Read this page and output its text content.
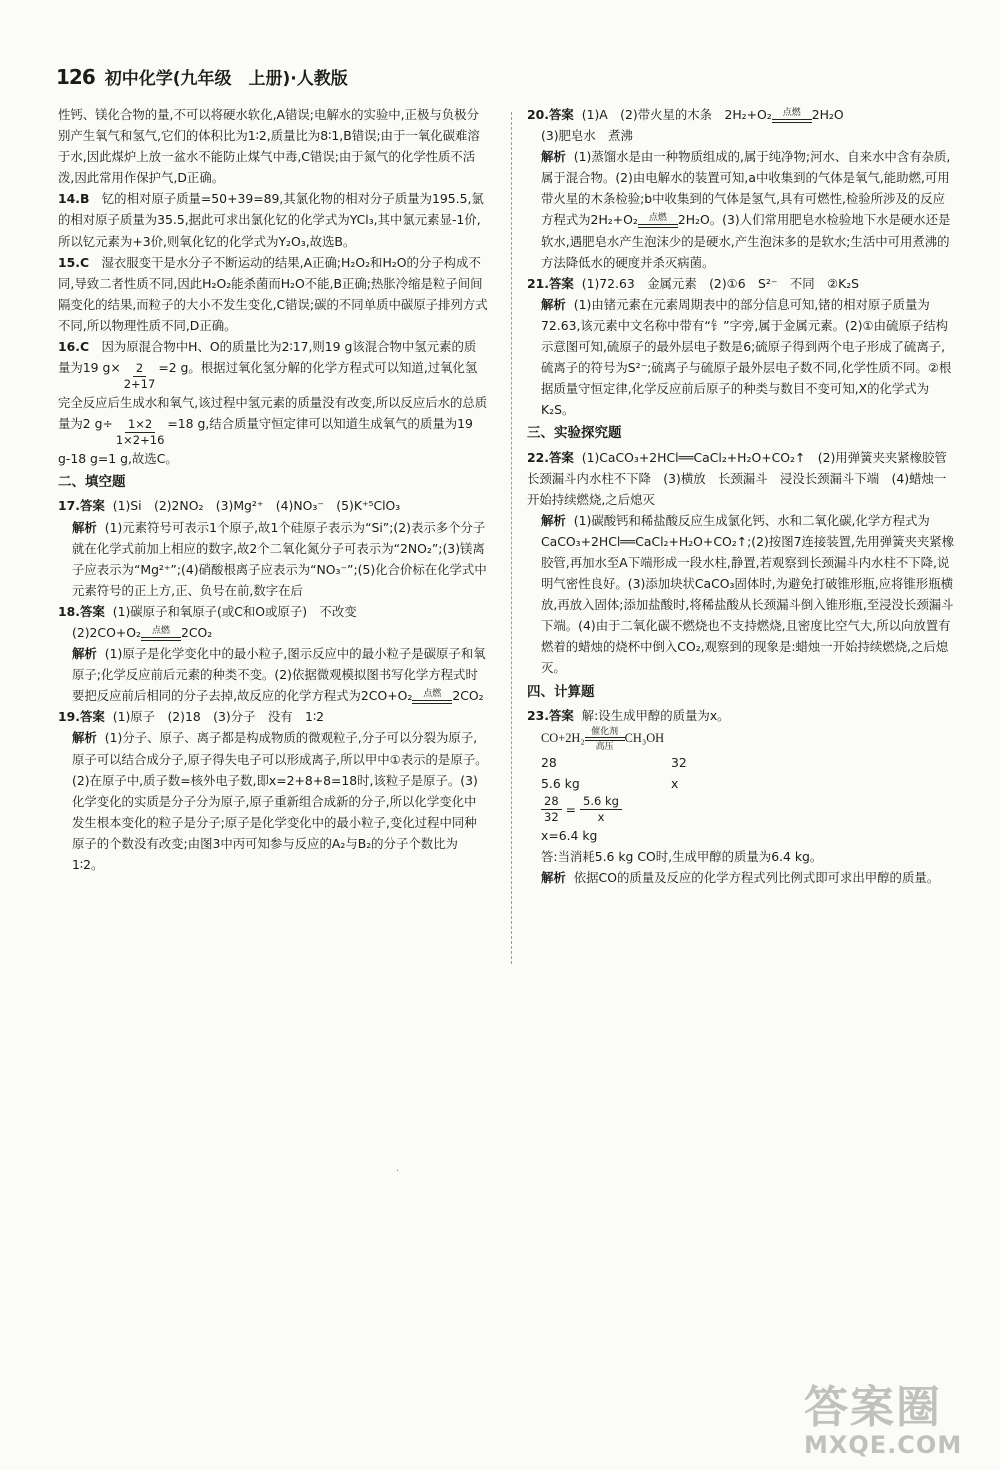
126 初中化学(九年级　上册)·人教版

性钙、镁化合物的量,不可以将硬水软化,A错误;电解水的实验中,正极与负极分别产生氧气和氢气,它们的体积比为1∶2,质量比为8∶1,B错误;由于一氧化碳难溶于水,因此煤炉上放一盆水不能防止煤气中毒,C错误;由于氮气的化学性质不活泼,因此常用作保护气,D正确。

14.B　 钇的相对原子质量=50+39=89,其氯化物的相对分子质量为195.5,氯的相对原子质量为35.5,据此可求出氯化钇的化学式为YCl₃,其中氯元素显-1价,所以钇元素为+3价,则氧化钇的化学式为Y₂O₃,故选B。

15.C　 湿衣服变干是水分子不断运动的结果,A正确;H₂O₂和H₂O的分子构成不同,导致二者性质不同,因此H₂O₂能杀菌而H₂O不能,B正确;热胀冷缩是粒子间间隔变化的结果,而粒子的大小不发生变化,C错误;碳的不同单质中碳原子排列方式不同,所以物理性质不同,D正确。

16.C　 因为原混合物中H、O的质量比为2∶17,则19 g该混合物中氢元素的质量为19 $g\times \frac{2}{2+17} =2$ g。根据过氧化氢分解的化学方程式可以知道,过氧化氢完全反应后生成水和氧气,该过程中氢元素的质量没有改变,所以反应后水的总质量为2 $g\div \frac{1\times 2}{1\times 2+16} =18$ g,结合质量守恒定律可以知道生成氧气的质量为19 g-18 g=1 g,故选C。

二、填空题

17.答案 (1)Si　(2)2NO₂　(3)Mg²⁺　(4)NO₃⁻　(5)K⁺⁵ClO₃

解析 (1)元素符号可表示1个原子,故1个硅原子表示为“Si”;(2)表示多个分子就在化学式前加上相应的数字,故2个二氧化氮分子可表示为“2NO₂”;(3)镁离子应表示为“Mg²⁺”;(4)硝酸根离子应表示为“NO₃⁻”;(5)化合价标在化学式中元素符号的正上方,正、负号在前,数字在后

18.答案 (1)碳原子和氧原子(或C和O或原子)　不改变

(2)2CO+O₂ 点燃 2CO₂

解析 (1)原子是化学变化中的最小粒子,图示反应中的最小粒子是碳原子和氧原子;化学反应前后元素的种类不变。(2)依据微观模拟图书写化学方程式时要把反应前后相同的分子去掉,故反应的化学方程式为2CO+O₂ 点燃 2CO₂

19.答案 (1)原子　(2)18　(3)分子　没有　1∶2

解析 (1)分子、原子、离子都是构成物质的微观粒子,分子可以分裂为原子,原子可以结合成分子,原子得失电子可以形成离子,所以甲中①表示的是原子。(2)在原子中,质子数=核外电子数,即x=2+8+8=18时,该粒子是原子。(3)化学变化的实质是分子分为原子,原子重新组合成新的分子,所以化学变化中发生根本变化的粒子是分子;原子是化学变化中的最小粒子,变化过程中同种原子的个数没有改变;由图3中丙可知参与反应的A₂与B₂的分子个数比为1∶2。

20.答案 (1)A　(2)带火星的木条　2H₂+O₂ 点燃 2H₂O

(3)肥皂水　煮沸

解析 (1)蒸馏水是由一种物质组成的,属于纯净物;河水、自来水中含有杂质,属于混合物。(2)由电解水的装置可知,a中收集到的气体是氧气,能助燃,可用带火星的木条检验;b中收集到的气体是氢气,具有可燃性,检验所涉及的反应方程式为2H₂+O₂ 点燃 2H₂O。(3)人们常用肥皂水检验地下水是硬水还是软水,遇肥皂水产生泡沫少的是硬水,产生泡沫多的是软水;生活中可用煮沸的方法降低水的硬度并杀灭病菌。

21.答案 (1)72.63　金属元素　(2)①6　S²⁻　不同　②K₂S

解析 (1)由锗元素在元素周期表中的部分信息可知,锗的相对原子质量为72.63,该元素中文名称中带有“钅”字旁,属于金属元素。(2)①由硫原子结构示意图可知,硫原子的最外层电子数是6;硫原子得到两个电子形成了硫离子,硫离子的符号为S²⁻;硫离子与硫原子最外层电子数不同,化学性质不同。②根据质量守恒定律,化学反应前后原子的种类与数目不变可知,X的化学式为K₂S。

三、实验探究题

22.答案 (1)CaCO₃+2HCl══CaCl₂+H₂O+CO₂↑　(2)用弹簧夹夹紧橡胶管　长颈漏斗内水柱不下降　(3)横放　长颈漏斗　浸没长颈漏斗下端　(4)蜡烛一开始持续燃烧,之后熄灭

解析 (1)碳酸钙和稀盐酸反应生成氯化钙、水和二氧化碳,化学方程式为CaCO₃+2HCl══CaCl₂+H₂O+CO₂↑;(2)按图7连接装置,先用弹簧夹夹紧橡胶管,再加水至A下端形成一段水柱,静置,若观察到长颈漏斗内水柱不下降,说明气密性良好。(3)添加块状CaCO₃固体时,为避免打破锥形瓶,应将锥形瓶横放,再放入固体;添加盐酸时,将稀盐酸从长颈漏斗倒入锥形瓶,至浸没长颈漏斗下端。(4)由于二氧化碳不燃烧也不支持燃烧,且密度比空气大,所以向放置有燃着的蜡烛的烧杯中倒入CO₂,观察到的现象是:蜡烛一开始持续燃烧,之后熄灭。

四、计算题

23.答案 解:设生成甲醇的质量为x。

CO+2H₂ 催化剂
高压
CH₃OH

28	32
5.6 kg	x
$\frac{28}{32} = \frac{5.6 kg}{x}$

x=6.4 kg

答:当消耗5.6 kg CO时,生成甲醇的质量为6.4 kg。

解析 依据CO的质量及反应的化学方程式列比例式即可求出甲醇的质量。

·
答案圈
MXQE.COM
